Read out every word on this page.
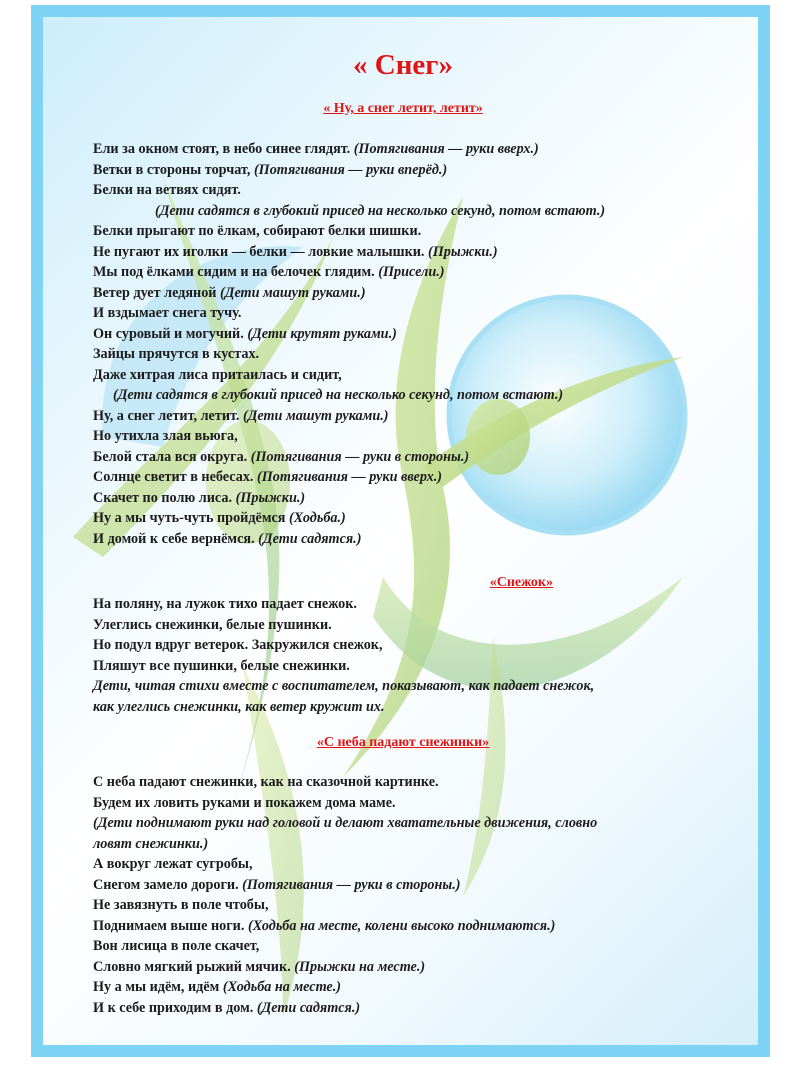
« Снег»
« Ну, а снег летит, летит»
Ели за окном стоят, в небо синее глядят. (Потягивания — руки вверх.)
Ветки в стороны торчат, (Потягивания — руки вперёд.)
Белки на ветвях сидят.
(Дети садятся в глубокий присед на несколько секунд, потом встают.)
Белки прыгают по ёлкам, собирают белки шишки.
Не пугают их иголки — белки — ловкие малышки. (Прыжки.)
Мы под ёлками сидим и на белочек глядим. (Присели.)
Ветер дует ледяной (Дети машут руками.)
И вздымает снега тучу.
Он суровый и могучий. (Дети крутят руками.)
Зайцы прячутся в кустах.
Даже хитрая лиса притаилась и сидит,
(Дети садятся в глубокий присед на несколько секунд, потом встают.)
Ну, а снег летит, летит. (Дети машут руками.)
Но утихла злая вьюга,
Белой стала вся округа. (Потягивания — руки в стороны.)
Солнце светит в небесах. (Потягивания — руки вверх.)
Скачет по полю лиса. (Прыжки.)
Ну а мы чуть-чуть пройдёмся (Ходьба.)
И домой к себе вернёмся. (Дети садятся.)
«Снежок»
На поляну, на лужок тихо падает снежок.
Улеглись снежинки, белые пушинки.
Но подул вдруг ветерок. Закружился снежок,
Пляшут все пушинки, белые снежинки.
Дети, читая стихи вместе с воспитателем, показывают, как падает снежок,
как улеглись снежинки, как ветер кружит их.
«С неба падают снежинки»
С неба падают снежинки, как на сказочной картинке.
Будем их ловить руками и покажем дома маме.
(Дети поднимают руки над головой и делают хватательные движения, словно
ловят снежинки.)
А вокруг лежат сугробы,
Снегом замело дороги. (Потягивания — руки в стороны.)
Не завязнуть в поле чтобы,
Поднимаем выше ноги. (Ходьба на месте, колени высоко поднимаются.)
Вон лисица в поле скачет,
Словно мягкий рыжий мячик. (Прыжки на месте.)
Ну а мы идём, идём (Ходьба на месте.)
И к себе приходим в дом. (Дети садятся.)
